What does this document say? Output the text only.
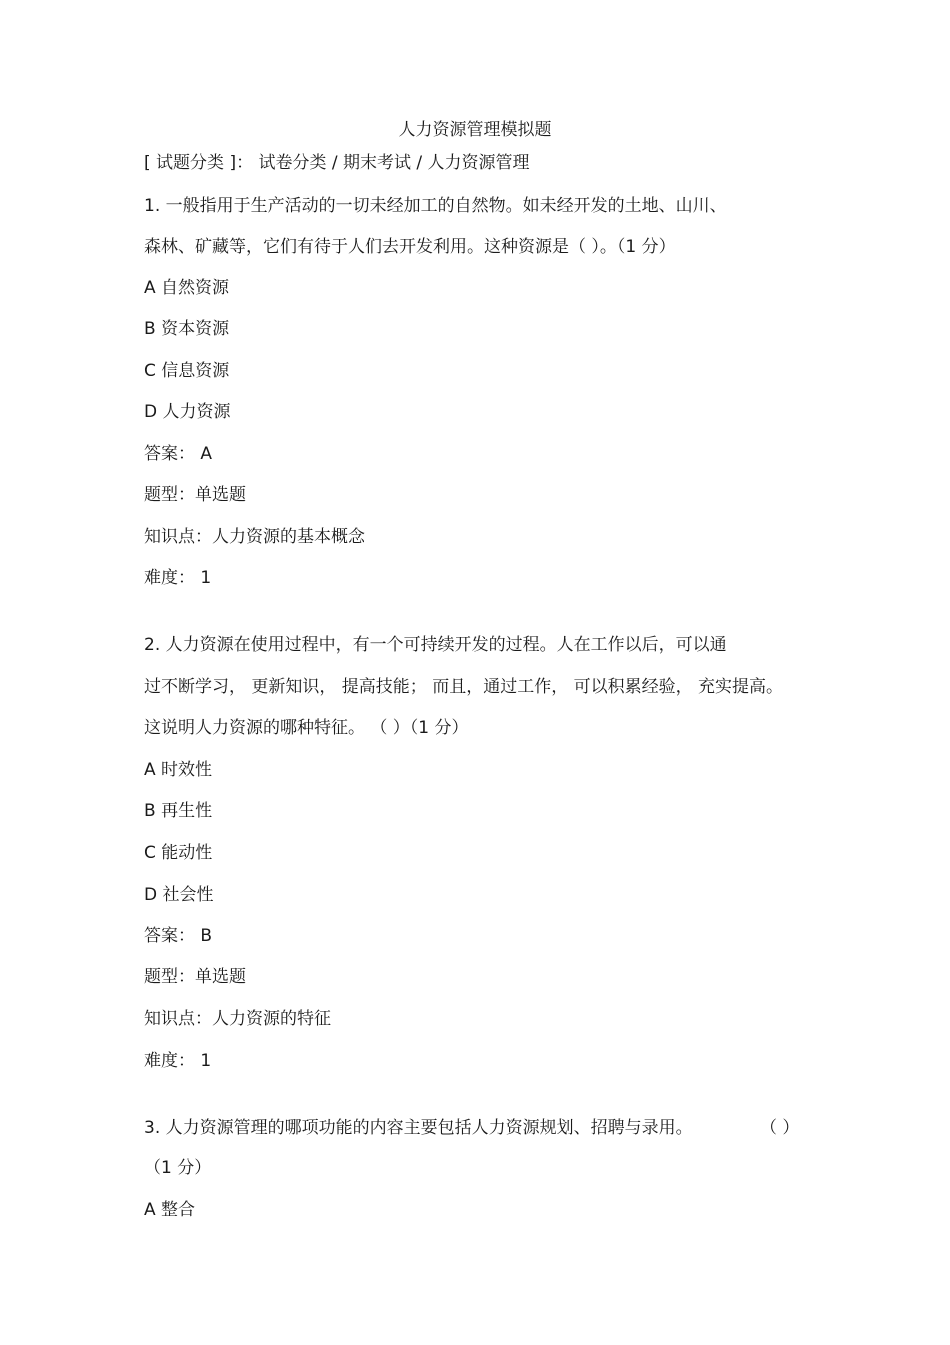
人力资源管理模拟题
[ 试题分类 ]： 试卷分类 / 期末考试 / 人力资源管理
1. 一般指用于生产活动的一切未经加工的自然物。如未经开发的土地、山川、
森林、矿藏等，它们有待于人们去开发利用。这种资源是（ ）。（1 分）
A 自然资源
B 资本资源
C 信息资源
D 人力资源
答案： A
题型：单选题
知识点：人力资源的基本概念
难度： 1
2. 人力资源在使用过程中，有一个可持续开发的过程。人在工作以后，可以通
过不断学习， 更新知识， 提高技能； 而且，通过工作， 可以积累经验， 充实提高。
这说明人力资源的哪种特征。 （ ）（1 分）
A 时效性
B 再生性
C 能动性
D 社会性
答案： B
题型：单选题
知识点：人力资源的特征
难度： 1
3. 人力资源管理的哪项功能的内容主要包括人力资源规划、招聘与录用。	（ ）
（1 分）
A 整合
